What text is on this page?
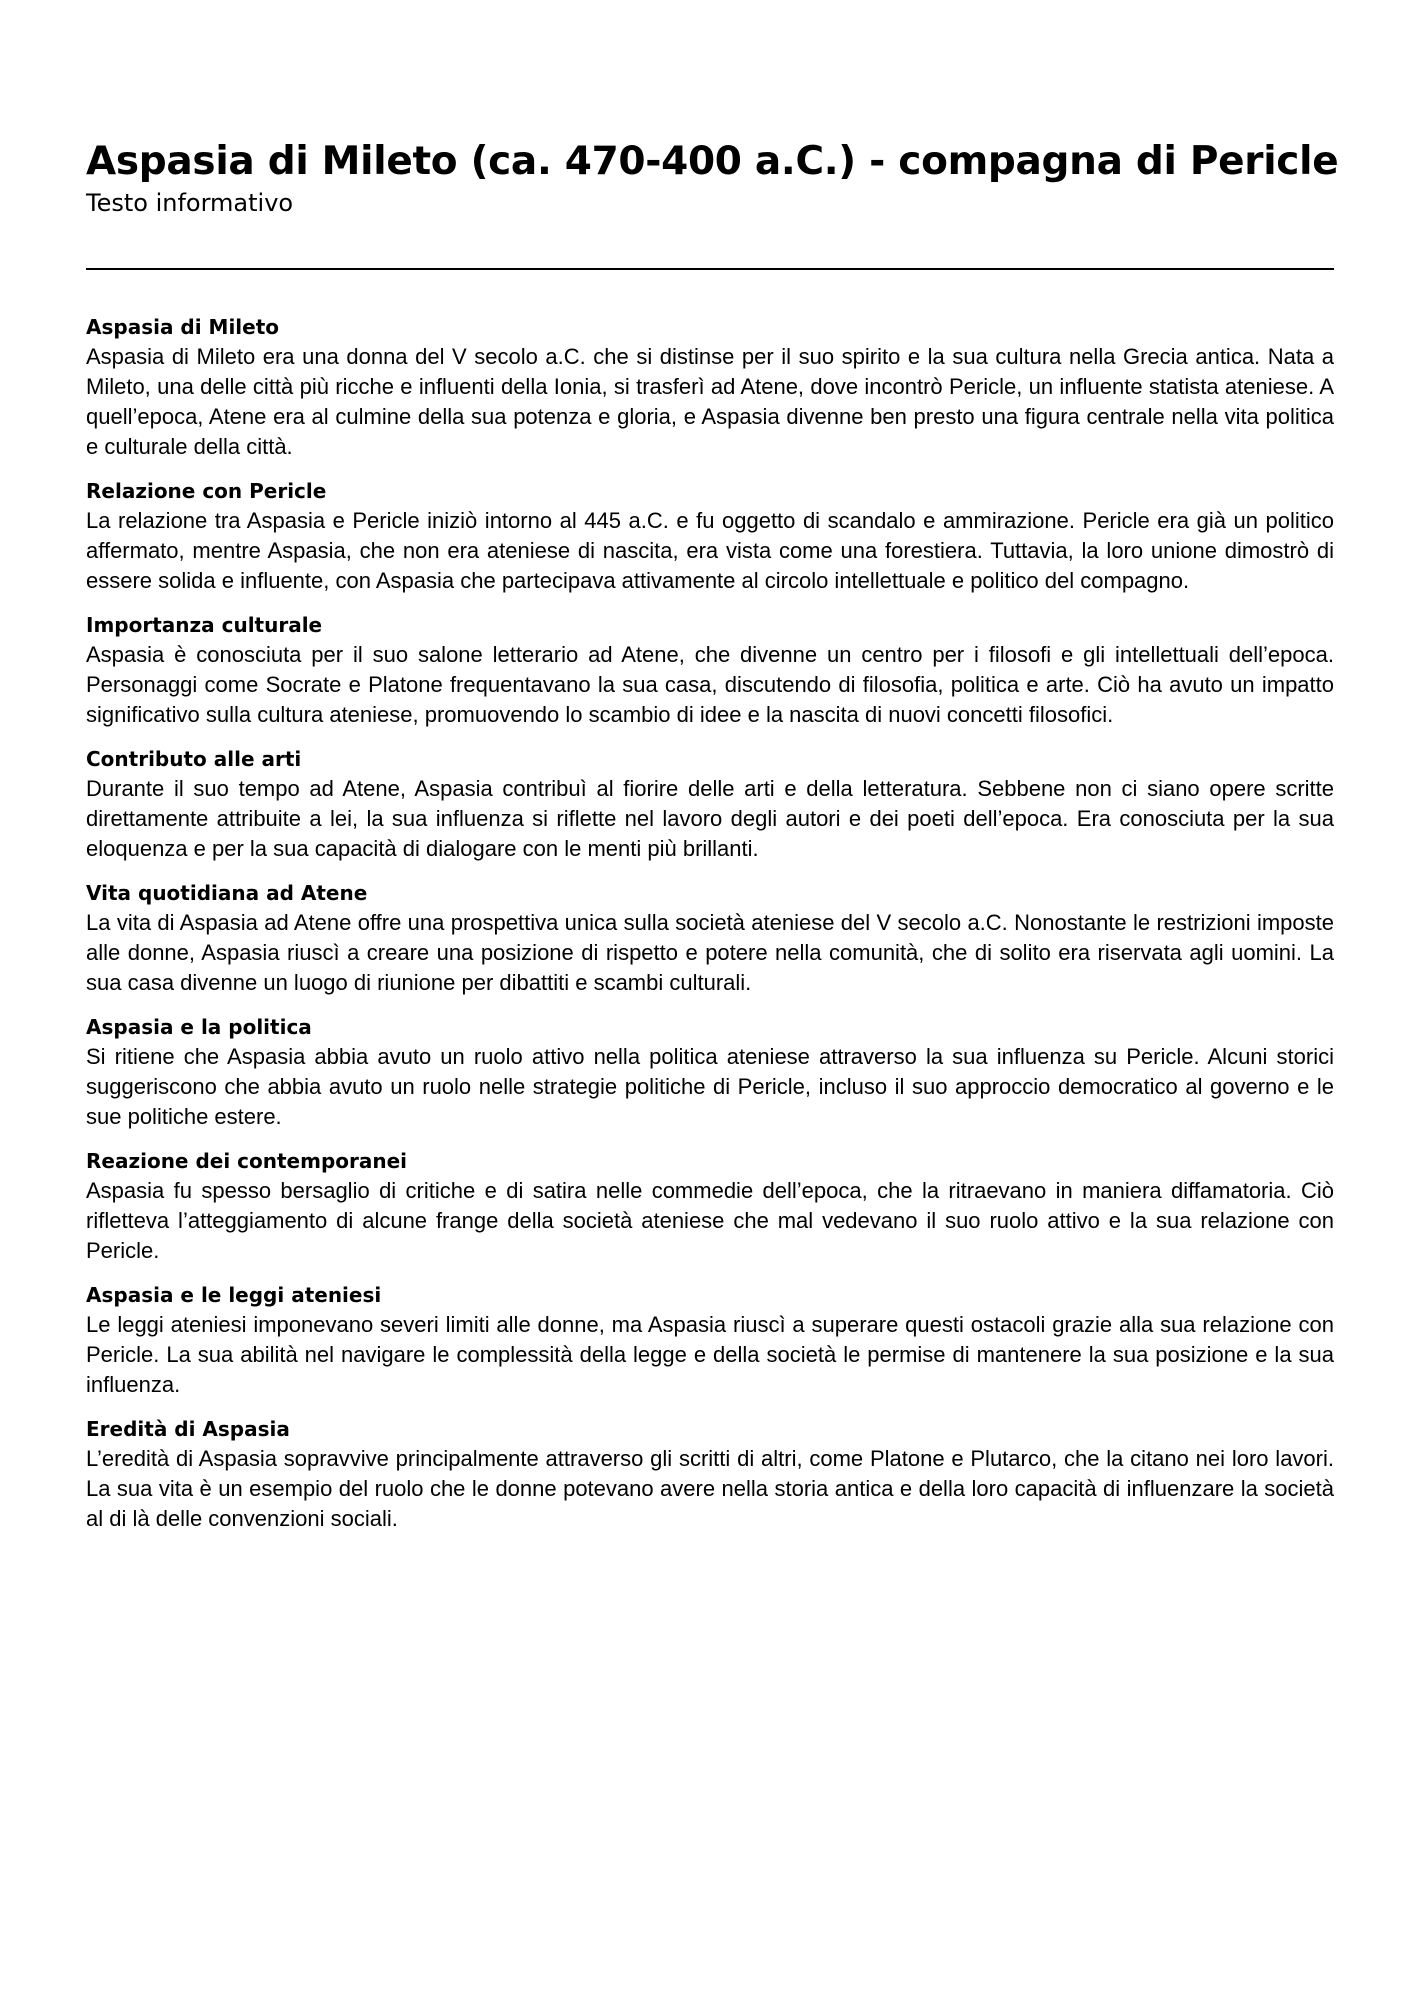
Aspasia di Mileto (ca. 470-400 a.C.) - compagna di Pericle
Testo informativo
Aspasia di Mileto

Aspasia di Mileto era una donna del V secolo a.C. che si distinse per il suo spirito e la sua cultura nella Grecia antica. Nata a Mileto, una delle città più ricche e influenti della Ionia, si trasferì ad Atene, dove incontrò Pericle, un influente statista ateniese. A quell’epoca, Atene era al culmine della sua potenza e gloria, e Aspasia divenne ben presto una figura centrale nella vita politica e culturale della città.

Relazione con Pericle

La relazione tra Aspasia e Pericle iniziò intorno al 445 a.C. e fu oggetto di scandalo e ammirazione. Pericle era già un politico affermato, mentre Aspasia, che non era ateniese di nascita, era vista come una forestiera. Tuttavia, la loro unione dimostrò di essere solida e influente, con Aspasia che partecipava attivamente al circolo intellettuale e politico del compagno.

Importanza culturale

Aspasia è conosciuta per il suo salone letterario ad Atene, che divenne un centro per i filosofi e gli intellettuali dell’epoca. Personaggi come Socrate e Platone frequentavano la sua casa, discutendo di filosofia, politica e arte. Ciò ha avuto un impatto significativo sulla cultura ateniese, promuovendo lo scambio di idee e la nascita di nuovi concetti filosofici.

Contributo alle arti

Durante il suo tempo ad Atene, Aspasia contribuì al fiorire delle arti e della letteratura. Sebbene non ci siano opere scritte direttamente attribuite a lei, la sua influenza si riflette nel lavoro degli autori e dei poeti dell’epoca. Era conosciuta per la sua eloquenza e per la sua capacità di dialogare con le menti più brillanti.

Vita quotidiana ad Atene

La vita di Aspasia ad Atene offre una prospettiva unica sulla società ateniese del V secolo a.C. Nonostante le restrizioni imposte alle donne, Aspasia riuscì a creare una posizione di rispetto e potere nella comunità, che di solito era riservata agli uomini. La sua casa divenne un luogo di riunione per dibattiti e scambi culturali.

Aspasia e la politica

Si ritiene che Aspasia abbia avuto un ruolo attivo nella politica ateniese attraverso la sua influenza su Pericle. Alcuni storici suggeriscono che abbia avuto un ruolo nelle strategie politiche di Pericle, incluso il suo approccio democratico al governo e le sue politiche estere.

Reazione dei contemporanei

Aspasia fu spesso bersaglio di critiche e di satira nelle commedie dell’epoca, che la ritraevano in maniera diffamatoria. Ciò rifletteva l’atteggiamento di alcune frange della società ateniese che mal vedevano il suo ruolo attivo e la sua relazione con Pericle.

Aspasia e le leggi ateniesi

Le leggi ateniesi imponevano severi limiti alle donne, ma Aspasia riuscì a superare questi ostacoli grazie alla sua relazione con Pericle. La sua abilità nel navigare le complessità della legge e della società le permise di mantenere la sua posizione e la sua influenza.

Eredità di Aspasia

L’eredità di Aspasia sopravvive principalmente attraverso gli scritti di altri, come Platone e Plutarco, che la citano nei loro lavori. La sua vita è un esempio del ruolo che le donne potevano avere nella storia antica e della loro capacità di influenzare la società al di là delle convenzioni sociali.
